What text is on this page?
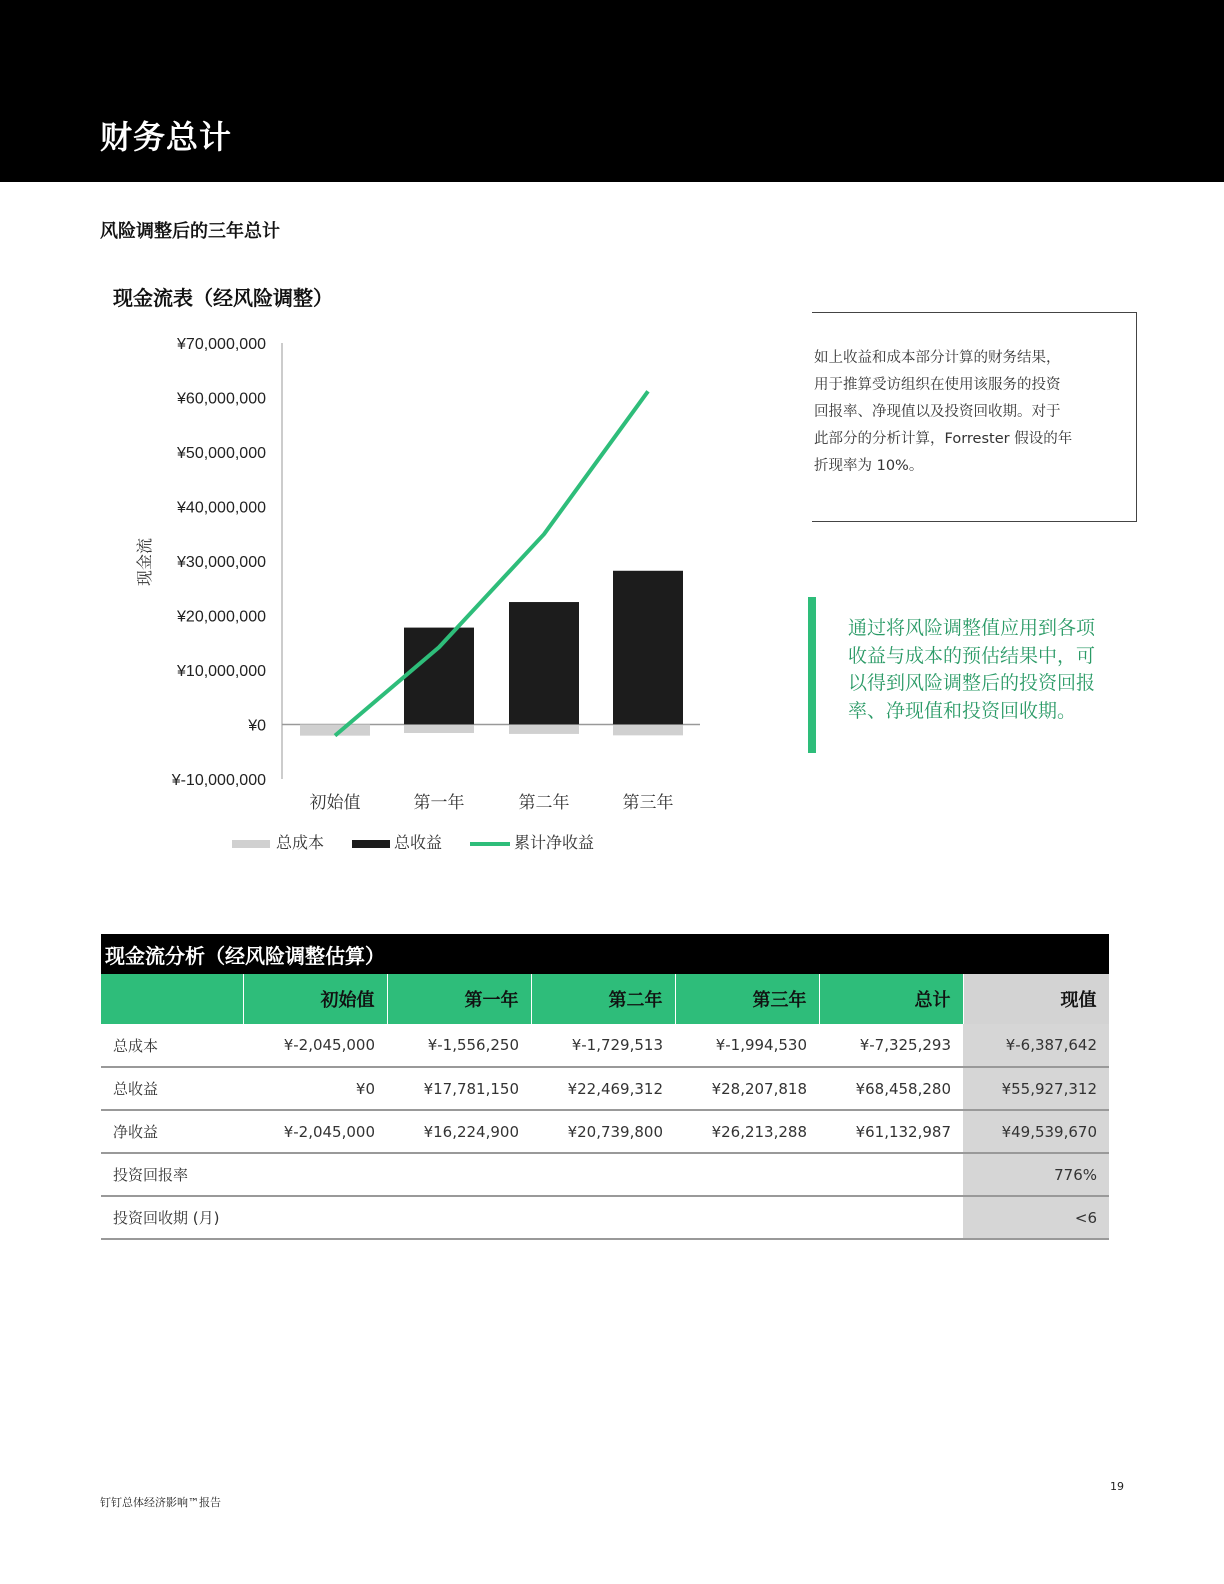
财务总计
风险调整后的三年总计
现金流表（经风险调整）
¥70,000,000
¥60,000,000
¥50,000,000
¥40,000,000
¥30,000,000
¥20,000,000
¥10,000,000
¥0
¥-10,000,000
现金流
初始值	第一年	第二年	第三年
总成本	总收益	累计净收益
如上收益和成本部分计算的财务结果，
用于推算受访组织在使用该服务的投资
回报率、净现值以及投资回收期。对于
此部分的分析计算，Forrester 假设的年
折现率为 10%。
通过将风险调整值应用到各项
收益与成本的预估结果中，可
以得到风险调整后的投资回报
率、净现值和投资回收期。
现金流分析（经风险调整估算）
	初始值	第一年	第二年	第三年	总计	现值
总成本	¥-2,045,000	¥-1,556,250	¥-1,729,513	¥-1,994,530	¥-7,325,293	¥-6,387,642
总收益	¥0	¥17,781,150	¥22,469,312	¥28,207,818	¥68,458,280	¥55,927,312
净收益	¥-2,045,000	¥16,224,900	¥20,739,800	¥26,213,288	¥61,132,987	¥49,539,670
投资回报率						776%
投资回收期 (月)						<6
钉钉总体经济影响™报告
19
